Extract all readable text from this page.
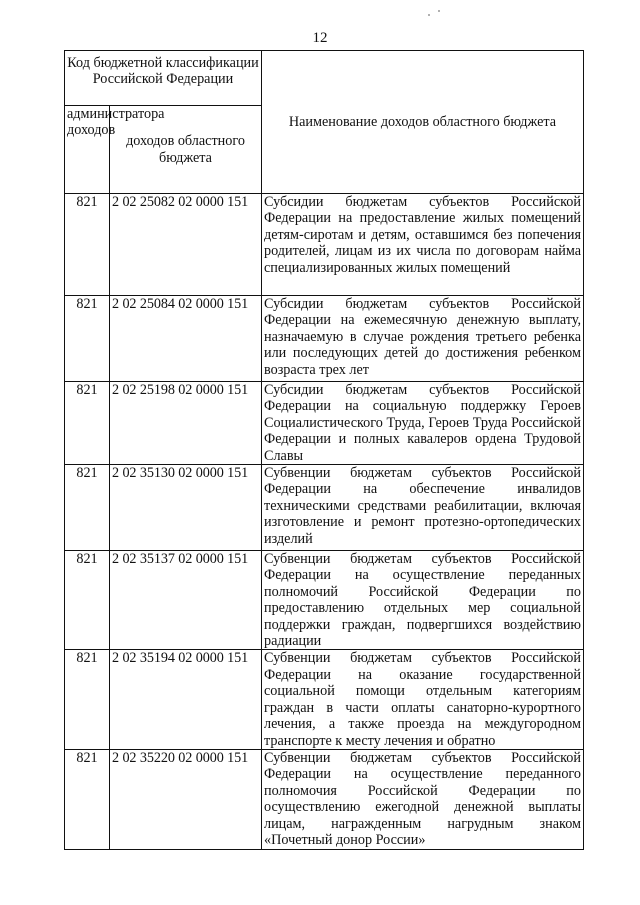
12
Код бюджетной классификации Российской Федерации		Наименование доходов областного бюджета
администратора доходов	доходов областного бюджета	
821	2 02 25082 02 0000 151	Субсидии бюджетам субъектов Российской Федерации на предоставление жилых помещений детям-сиротам и детям, оставшимся без попечения родителей, лицам из их числа по договорам найма специализированных жилых помещений
821	2 02 25084 02 0000 151	Субсидии бюджетам субъектов Российской Федерации на ежемесячную денежную выплату, назначаемую в случае рождения третьего ребенка или последующих детей до достижения ребенком возраста трех лет
821	2 02 25198 02 0000 151	Субсидии бюджетам субъектов Российской Федерации на социальную поддержку Героев Социалистического Труда, Героев Труда Российской Федерации и полных кавалеров ордена Трудовой Славы
821	2 02 35130 02 0000 151	Субвенции бюджетам субъектов Российской Федерации на обеспечение инвалидов техническими средствами реабилитации, включая изготовление и ремонт протезно-ортопедических изделий
821	2 02 35137 02 0000 151	Субвенции бюджетам субъектов Российской Федерации на осуществление переданных полномочий Российской Федерации по предоставлению отдельных мер социальной поддержки граждан, подвергшихся воздействию радиации
821	2 02 35194 02 0000 151	Субвенции бюджетам субъектов Российской Федерации на оказание государственной социальной помощи отдельным категориям граждан в части оплаты санаторно-курортного лечения, а также проезда на междугородном транспорте к месту лечения и обратно
821	2 02 35220 02 0000 151	Субвенции бюджетам субъектов Российской Федерации на осуществление переданного полномочия Российской Федерации по осуществлению ежегодной денежной выплаты лицам, награжденным нагрудным знаком «Почетный донор России»
